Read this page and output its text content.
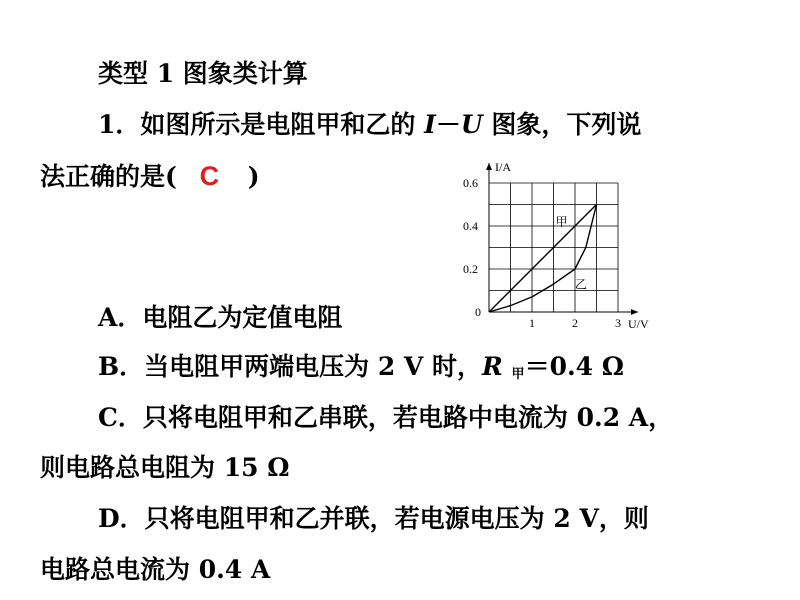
类型 1 图象类计算
1．如图所示是电阻甲和乙的 I－U 图象，下列说
法正确的是( C )	I/A
U/V
0
1	2	3
0.2
0.4
0.6
甲
乙
A．电阻乙为定值电阻
B．当电阻甲两端电压为 2 V 时，R 甲＝0.4 Ω
C．只将电阻甲和乙串联，若电路中电流为 0.2 A，
则电路总电阻为 15 Ω
D．只将电阻甲和乙并联，若电源电压为 2 V，则
电路总电流为 0.4 A
